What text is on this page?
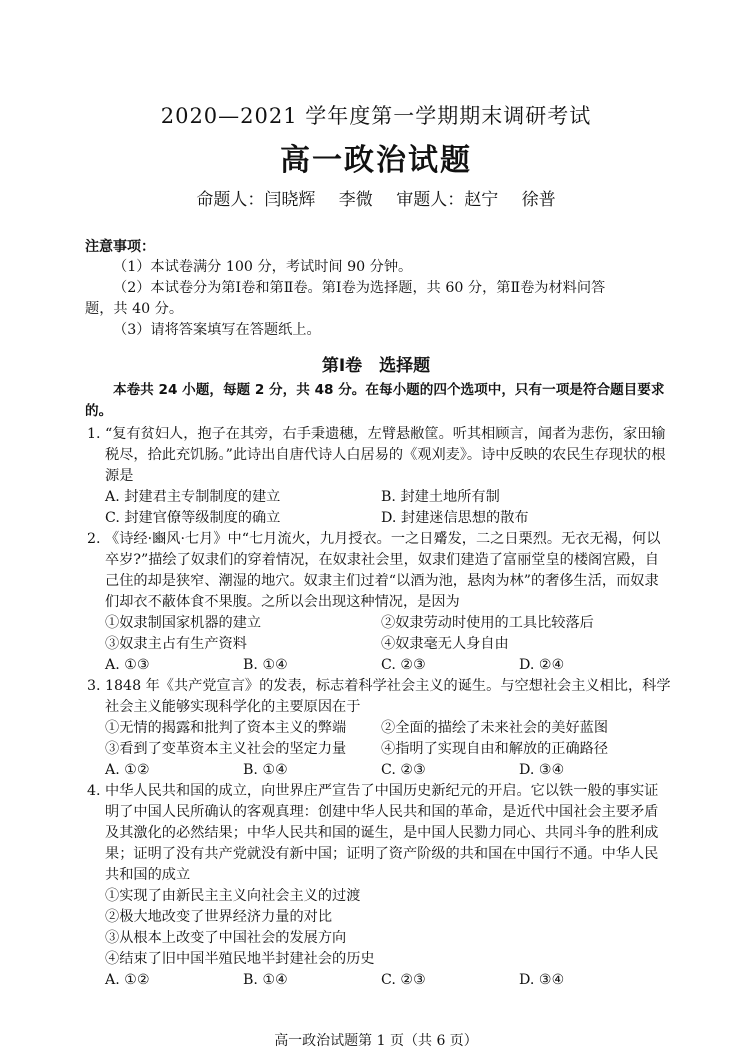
2020—2021 学年度第一学期期末调研考试
高一政治试题
命题人：闫晓辉 李微 审题人：赵宁 徐普
注意事项：
（1）本试卷满分 100 分，考试时间 90 分钟。
（2）本试卷分为第Ⅰ卷和第Ⅱ卷。第Ⅰ卷为选择题，共 60 分，第Ⅱ卷为材料问答
题，共 40 分。
（3）请将答案填写在答题纸上。
第Ⅰ卷　选择题
本卷共 24 小题，每题 2 分，共 48 分。在每小题的四个选项中，只有一项是符合题目要求的。
1. “复有贫妇人，抱子在其旁，右手秉遗穗，左臂悬敝筐。听其相顾言，闻者为悲伤，家田输税尽，拾此充饥肠。”此诗出自唐代诗人白居易的《观刈麦》。诗中反映的农民生存现状的根源是
A. 封建君主专制制度的建立	B. 封建土地所有制
C. 封建官僚等级制度的确立	D. 封建迷信思想的散布
2. 《诗经·豳风·七月》中“七月流火，九月授衣。一之日觱发，二之日栗烈。无衣无褐，何以卒岁?”描绘了奴隶们的穿着情况，在奴隶社会里，奴隶们建造了富丽堂皇的楼阁宫殿，自己住的却是狭窄、潮湿的地穴。奴隶主们过着“以酒为池，悬肉为林”的奢侈生活，而奴隶们却衣不蔽体食不果腹。之所以会出现这种情况，是因为
①奴隶制国家机器的建立	②奴隶劳动时使用的工具比较落后
③奴隶主占有生产资料	④奴隶毫无人身自由
A. ①③	B. ①④	C. ②③	D. ②④
3. 1848 年《共产党宣言》的发表，标志着科学社会主义的诞生。与空想社会主义相比，科学社会主义能够实现科学化的主要原因在于
①无情的揭露和批判了资本主义的弊端	②全面的描绘了未来社会的美好蓝图
③看到了变革资本主义社会的坚定力量	④指明了实现自由和解放的正确路径
A. ①②	B. ①④	C. ②③	D. ③④
4. 中华人民共和国的成立，向世界庄严宣告了中国历史新纪元的开启。它以铁一般的事实证明了中国人民所确认的客观真理：创建中华人民共和国的革命，是近代中国社会主要矛盾及其激化的必然结果；中华人民共和国的诞生，是中国人民勠力同心、共同斗争的胜利成果；证明了没有共产党就没有新中国；证明了资产阶级的共和国在中国行不通。中华人民共和国的成立
①实现了由新民主主义向社会主义的过渡
②极大地改变了世界经济力量的对比
③从根本上改变了中国社会的发展方向
④结束了旧中国半殖民地半封建社会的历史
A. ①②	B. ①④	C. ②③	D. ③④
高一政治试题第 1 页（共 6 页）
